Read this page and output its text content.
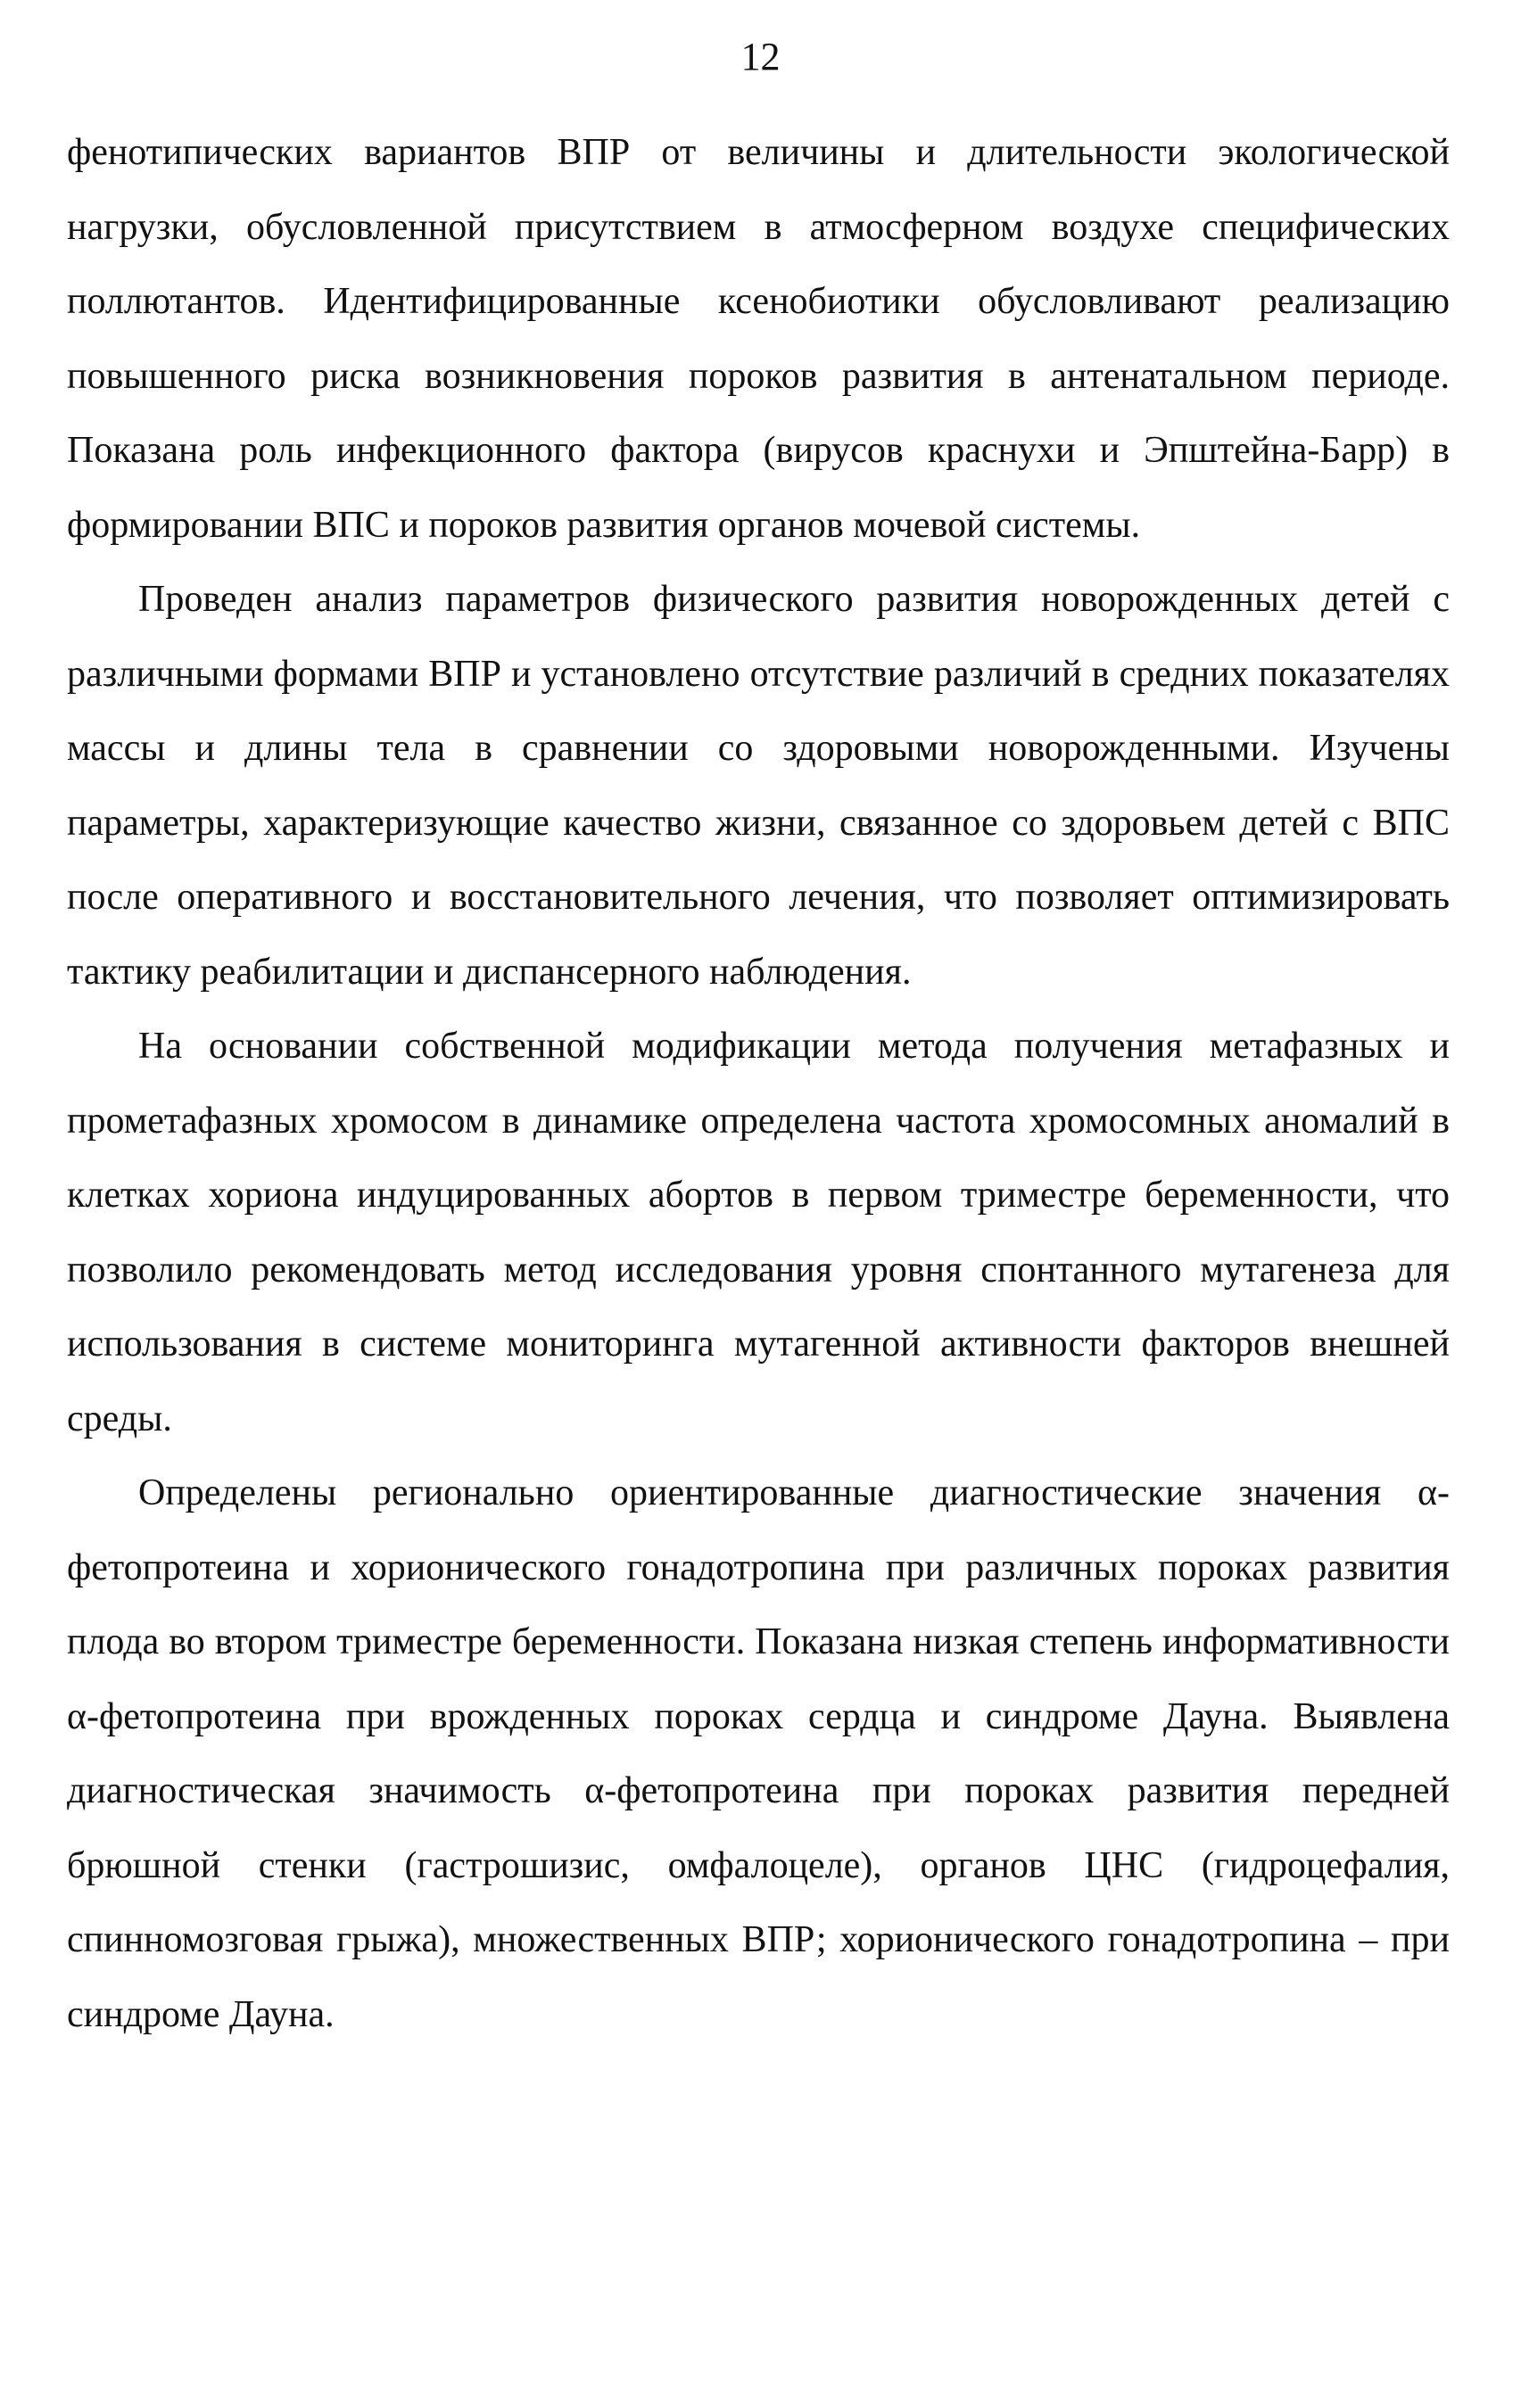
12

фенотипических вариантов ВПР от величины и длительности экологической нагрузки, обусловленной присутствием в атмосферном воздухе специфических поллютантов. Идентифицированные ксенобиотики обусловливают реализацию повышенного риска возникновения пороков развития в антенатальном периоде. Показана роль инфекционного фактора (вирусов краснухи и Эпштейна-Барр) в формировании ВПС и пороков развития органов мочевой системы.

Проведен анализ параметров физического развития новорожденных детей с различными формами ВПР и установлено отсутствие различий в средних показателях массы и длины тела в сравнении со здоровыми новорожденными. Изучены параметры, характеризующие качество жизни, связанное со здоровьем детей с ВПС после оперативного и восстановительного лечения, что позволяет оптимизировать тактику реабилитации и диспансерного наблюдения.

На основании собственной модификации метода получения метафазных и прометафазных хромосом в динамике определена частота хромосомных аномалий в клетках хориона индуцированных абортов в первом триместре беременности, что позволило рекомендовать метод исследования уровня спонтанного мутагенеза для использования в системе мониторинга мутагенной активности факторов внешней среды.

Определены регионально ориентированные диагностические значения α-фетопротеина и хорионического гонадотропина при различных пороках развития плода во втором триместре беременности. Показана низкая степень информативности α-фетопротеина при врожденных пороках сердца и синдроме Дауна. Выявлена диагностическая значимость α-фетопротеина при пороках развития передней брюшной стенки (гастрошизис, омфалоцеле), органов ЦНС (гидроцефалия, спинномозговая грыжа), множественных ВПР; хорионического гонадотропина – при синдроме Дауна.
